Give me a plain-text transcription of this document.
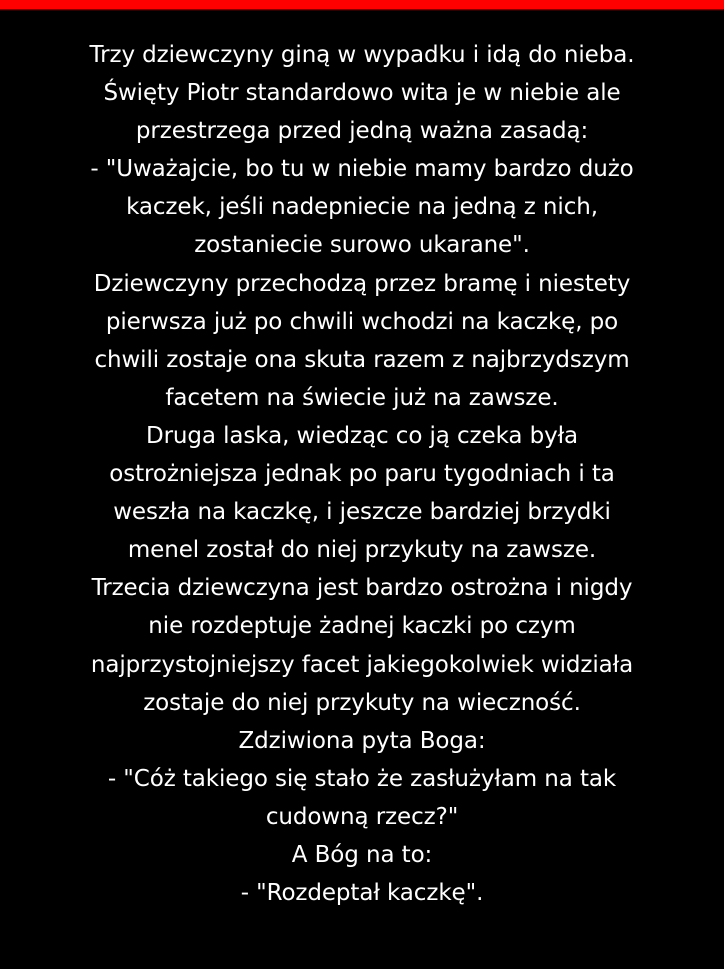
Trzy dziewczyny giną w wypadku i idą do nieba.
Święty Piotr standardowo wita je w niebie ale
przestrzega przed jedną ważna zasadą:
- "Uważajcie, bo tu w niebie mamy bardzo dużo
kaczek, jeśli nadepniecie na jedną z nich,
zostaniecie surowo ukarane".
Dziewczyny przechodzą przez bramę i niestety
pierwsza już po chwili wchodzi na kaczkę, po
chwili zostaje ona skuta razem z najbrzydszym
facetem na świecie już na zawsze.
Druga laska, wiedząc co ją czeka była
ostrożniejsza jednak po paru tygodniach i ta
weszła na kaczkę, i jeszcze bardziej brzydki
menel został do niej przykuty na zawsze.
Trzecia dziewczyna jest bardzo ostrożna i nigdy
nie rozdeptuje żadnej kaczki po czym
najprzystojniejszy facet jakiegokolwiek widziała
zostaje do niej przykuty na wieczność.
Zdziwiona pyta Boga:
- "Cóż takiego się stało że zasłużyłam na tak
cudowną rzecz?"
A Bóg na to:
- "Rozdeptał kaczkę".
